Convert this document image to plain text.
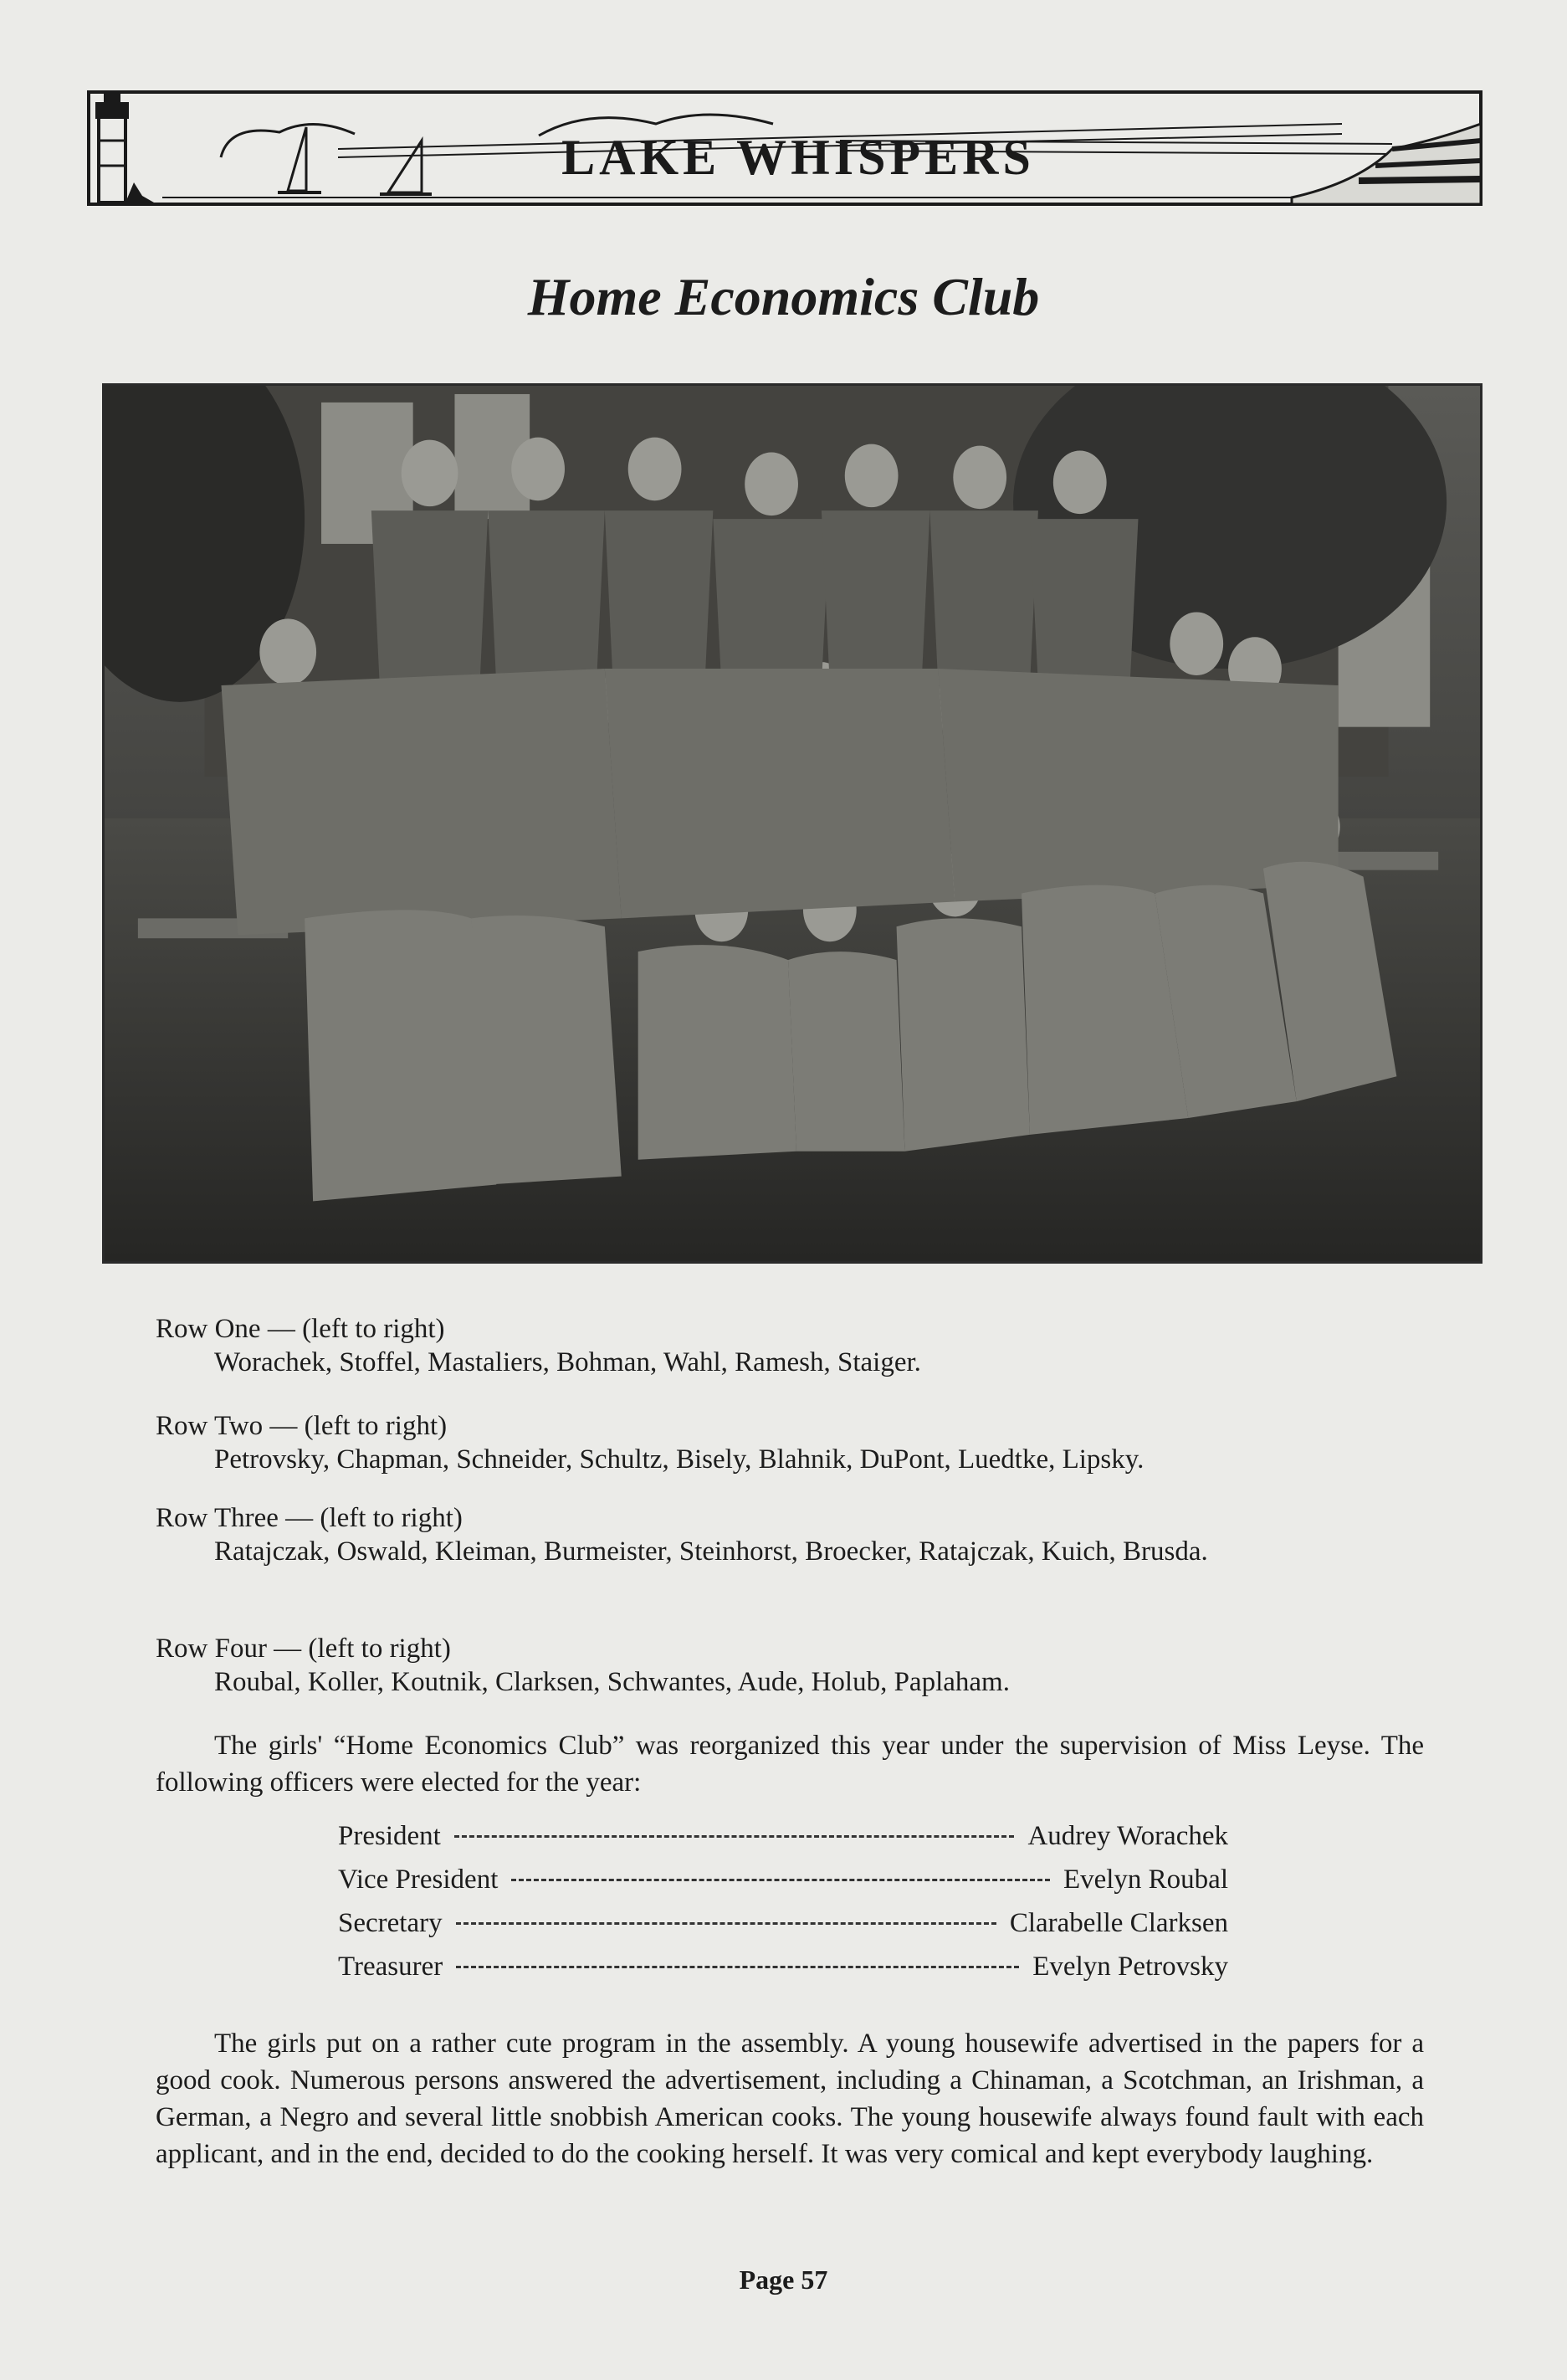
LAKE WHISPERS
Home Economics Club
Row One — (left to right)
Worachek, Stoffel, Mastaliers, Bohman, Wahl, Ramesh, Staiger.
Row Two — (left to right)
Petrovsky, Chapman, Schneider, Schultz, Bisely, Blahnik, DuPont, Luedtke, Lipsky.
Row Three — (left to right)
Ratajczak, Oswald, Kleiman, Burmeister, Steinhorst, Broecker, Ratajczak, Kuich, Brusda.
Row Four — (left to right)
Roubal, Koller, Koutnik, Clarksen, Schwantes, Aude, Holub, Paplaham.
The girls' “Home Economics Club” was reorganized this year under the supervision of Miss Leyse. The following officers were elected for the year:
President	Audrey Worachek
Vice President	Evelyn Roubal
Secretary	Clarabelle Clarksen
Treasurer	Evelyn Petrovsky
The girls put on a rather cute program in the assembly. A young housewife advertised in the papers for a good cook. Numerous persons answered the advertisement, including a Chinaman, a Scotchman, an Irishman, a German, a Negro and several little snobbish American cooks. The young housewife always found fault with each applicant, and in the end, decided to do the cooking herself. It was very comical and kept everybody laughing.
Page 57
